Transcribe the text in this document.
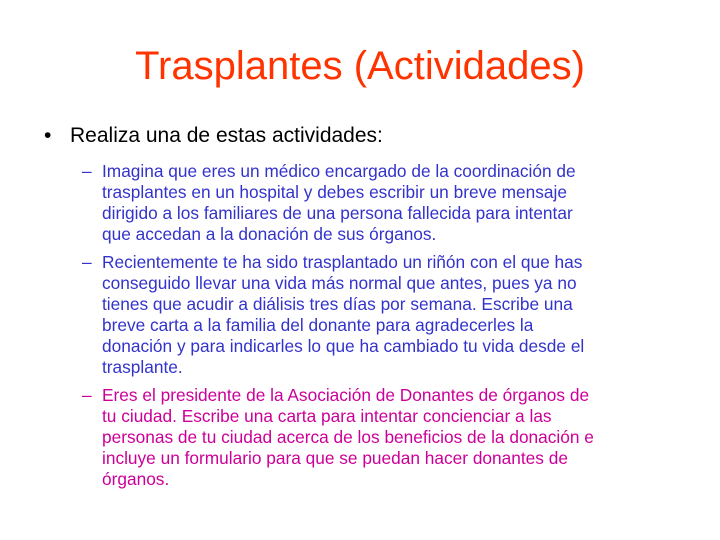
Trasplantes (Actividades)
• Realiza una de estas actividades:
– Imagina que eres un médico encargado de la coordinación de
trasplantes en un hospital y debes escribir un breve mensaje
dirigido a los familiares de una persona fallecida para intentar
que accedan a la donación de sus órganos.
– Recientemente te ha sido trasplantado un riñón con el que has
conseguido llevar una vida más normal que antes, pues ya no
tienes que acudir a diálisis tres días por semana. Escribe una
breve carta a la familia del donante para agradecerles la
donación y para indicarles lo que ha cambiado tu vida desde el
trasplante.
– Eres el presidente de la Asociación de Donantes de órganos de
tu ciudad. Escribe una carta para intentar concienciar a las
personas de tu ciudad acerca de los beneficios de la donación e
incluye un formulario para que se puedan hacer donantes de
órganos.
